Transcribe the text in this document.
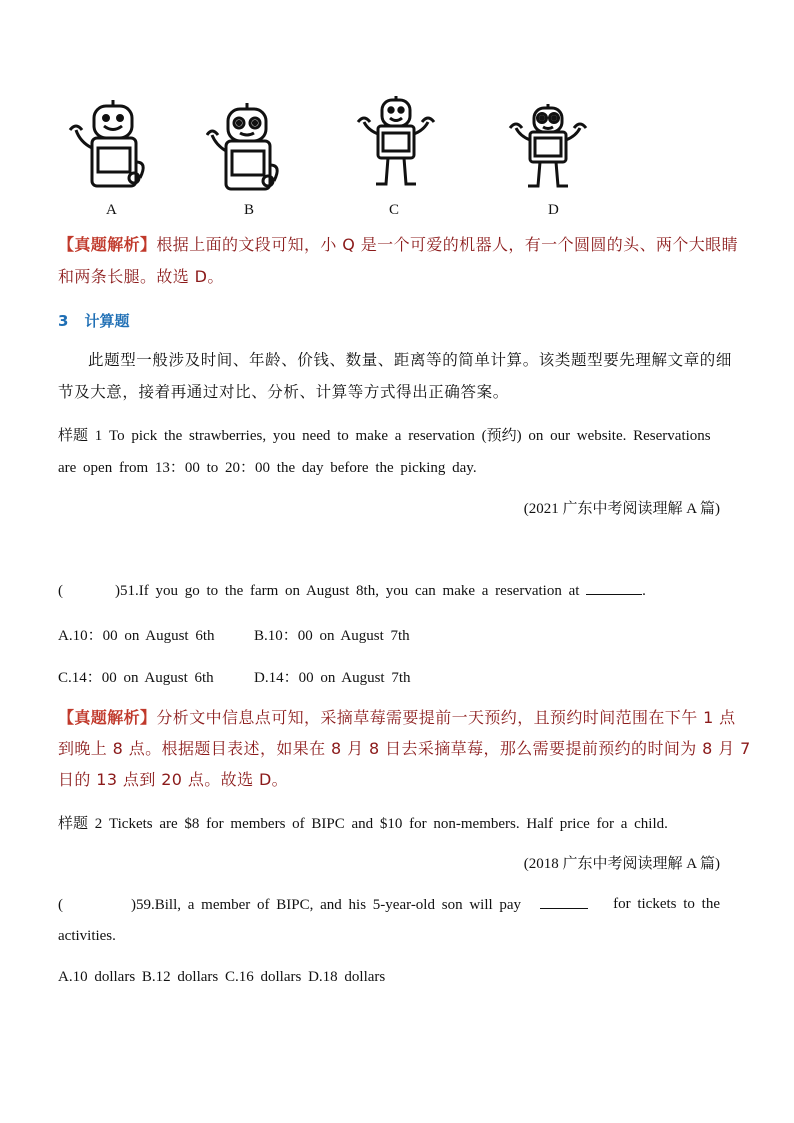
A	B	C	D
【真题解析】根据上面的文段可知，小 Q 是一个可爱的机器人，有一个圆圆的头、两个大眼睛
和两条长腿。故选 D。
3 计算题
此题型一般涉及时间、年龄、价钱、数量、距离等的简单计算。该类题型要先理解文章的细
节及大意，接着再通过对比、分析、计算等方式得出正确答案。
样题 1 To pick the strawberries, you need to make a reservation (预约) on our website. Reservations
are open from 13：00 to 20：00 the day before the picking day.
(2021 广东中考阅读理解 A 篇)
(	)51.If you go to the farm on August 8th, you can make a reservation at	.
A.10：00 on August 6th	B.10：00 on August 7th
C.14：00 on August 6th	D.14：00 on August 7th
【真题解析】分析文中信息点可知，采摘草莓需要提前一天预约，且预约时间范围在下午 1 点
到晚上 8 点。根据题目表述，如果在 8 月 8 日去采摘草莓，那么需要提前预约的时间为 8 月 7
日的 13 点到 20 点。故选 D。
样题 2 Tickets are $8 for members of BIPC and $10 for non-members. Half price for a child.
(2018 广东中考阅读理解 A 篇)
(	)59.Bill, a member of BIPC, and his 5-year-old son will pay	for tickets to the
activities.
A.10 dollars B.12 dollars C.16 dollars D.18 dollars
